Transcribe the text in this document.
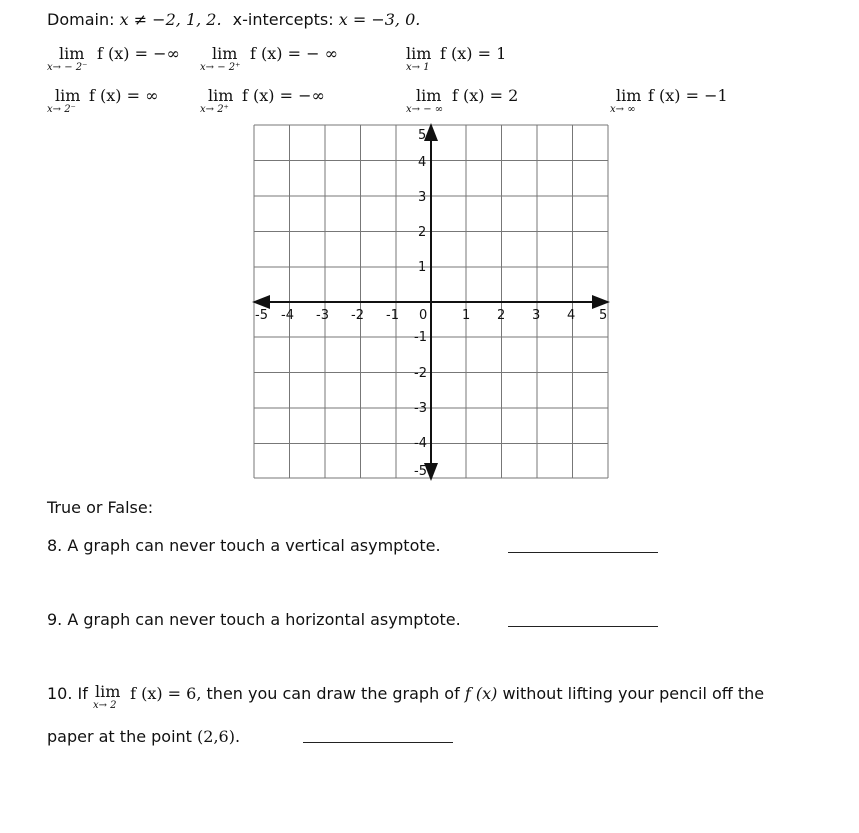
Domain: x ≠ −2, 1, 2. x-intercepts: x = −3, 0.
lim
x→ − 2⁻
f (x) = −∞ lim
x→ − 2⁺
f (x) = − ∞	lim
x→ 1
f (x) = 1
lim
x→ 2⁻
f (x) = ∞	lim
x→ 2⁺
f (x) = −∞	lim
x→ − ∞
f (x) = 2	lim
x→ ∞
f (x) = −1
-5 -4 -3 -2 -1 0	1 2 3 4 5
5
4
3
2
1
-1
-2
-3
-4
-5
True or False:
8. A graph can never touch a vertical asymptote.
9. A graph can never touch a horizontal asymptote.
10. If lim
x→ 2
f (x) = 6, then you can draw the graph of f (x) without lifting your pencil off the
paper at the point (2,6).
